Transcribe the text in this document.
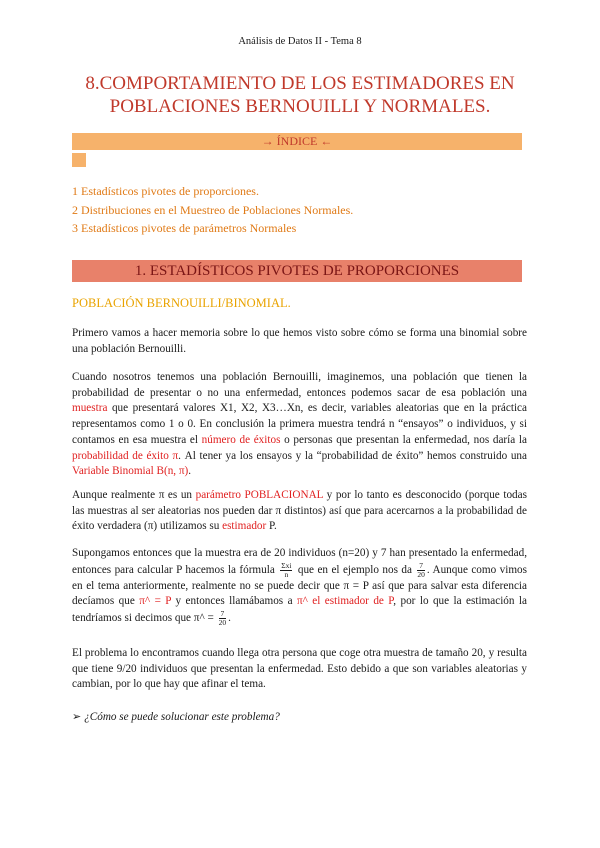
Análisis de Datos II - Tema 8
8.COMPORTAMIENTO DE LOS ESTIMADORES EN
POBLACIONES BERNOUILLI Y NORMALES.
→ ÍNDICE ←
1 Estadísticos pivotes de proporciones.
2 Distribuciones en el Muestreo de Poblaciones Normales.
3 Estadísticos pivotes de parámetros Normales
1. ESTADÍSTICOS PIVOTES DE PROPORCIONES
POBLACIÓN BERNOUILLI/BINOMIAL.
Primero vamos a hacer memoria sobre lo que hemos visto sobre cómo se forma una binomial sobre una población Bernouilli.
Cuando nosotros tenemos una población Bernouilli, imaginemos, una población que tienen la probabilidad de presentar o no una enfermedad, entonces podemos sacar de esa población una muestra que presentará valores X1, X2, X3…Xn, es decir, variables aleatorias que en la práctica representamos como 1 o 0. En conclusión la primera muestra tendrá n “ensayos” o individuos, y si contamos en esa muestra el número de éxitos o personas que presentan la enfermedad, nos daría la probabilidad de éxito π. Al tener ya los ensayos y la “probabilidad de éxito” hemos construido una Variable Binomial B(n, π).
Aunque realmente π es un parámetro POBLACIONAL y por lo tanto es desconocido (porque todas las muestras al ser aleatorias nos pueden dar π distintos) así que para acercarnos a la probabilidad de éxito verdadera (π) utilizamos su estimador P.
Supongamos entonces que la muestra era de 20 individuos (n=20) y 7 han presentado la enfermedad, entonces para calcular P hacemos la fórmula $\frac{\text{Σxi}}{n}$ que en el ejemplo nos da $\frac{7}{20}$ . Aunque como vimos en el tema anteriormente, realmente no se puede decir que π = P así que para salvar esta diferencia decíamos que π^ = P y entonces llamábamos a π^ el estimador de P, por lo que la estimación la tendríamos si decimos que π^ = $\frac{7}{20}$ .
El problema lo encontramos cuando llega otra persona que coge otra muestra de tamaño 20, y resulta que tiene 9/20 individuos que presentan la enfermedad. Esto debido a que son variables aleatorias y cambian, por lo que hay que afinar el tema.
➢ ¿Cómo se puede solucionar este problema?
